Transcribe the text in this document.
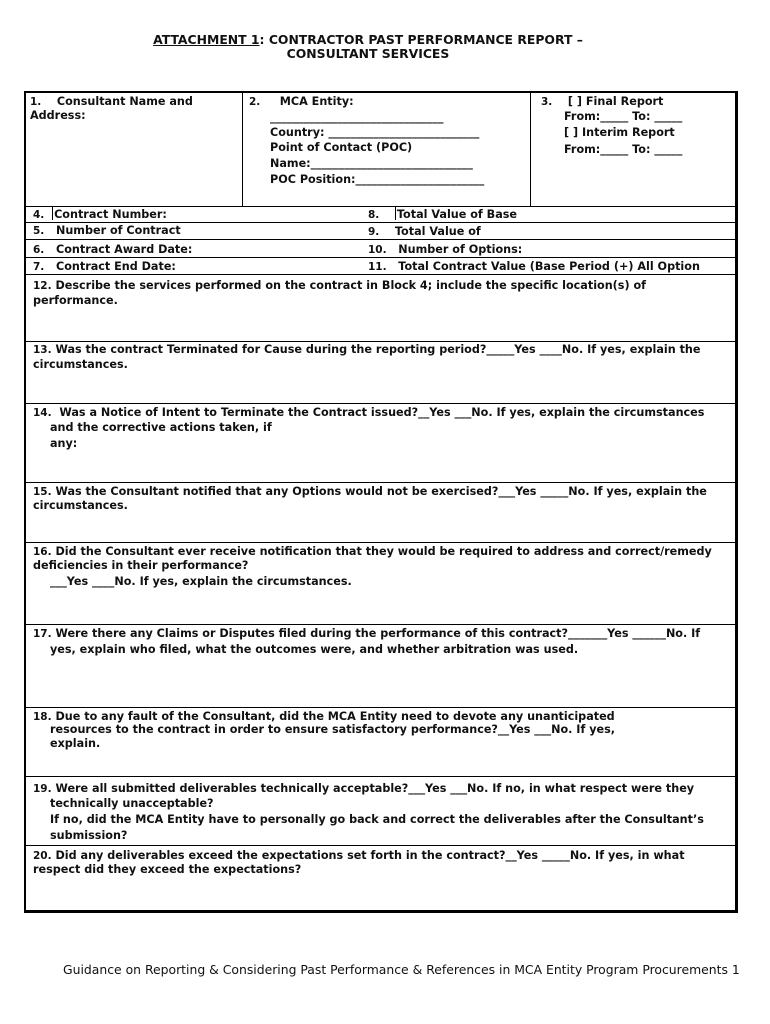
ATTACHMENT 1: CONTRACTOR PAST PERFORMANCE REPORT –
CONSULTANT SERVICES
1. Consultant Name and
Address:
2. MCA Entity:
_______________________________
Country: ___________________________
Point of Contact (POC)
Name:_____________________________
POC Position:_______________________
3. [ ] Final Report
From:_____ To: _____
[ ] Interim Report
From:_____ To: _____
4. Contract Number:	8. Total Value of Base
5. Number of Contract	9. Total Value of
6. Contract Award Date:	10. Number of Options:
7. Contract End Date:	11. Total Contract Value (Base Period (+) All Option
12. Describe the services performed on the contract in Block 4; include the specific location(s) of
performance.
13. Was the contract Terminated for Cause during the reporting period?_____Yes ____No. If yes, explain the
circumstances.
14. Was a Notice of Intent to Terminate the Contract issued?__Yes ___No. If yes, explain the circumstances
and the corrective actions taken, if
any:
15. Was the Consultant notified that any Options would not be exercised?___Yes _____No. If yes, explain the
circumstances.
16. Did the Consultant ever receive notification that they would be required to address and correct/remedy
deficiencies in their performance?
___Yes ____No. If yes, explain the circumstances.
17. Were there any Claims or Disputes filed during the performance of this contract?_______Yes ______No. If
yes, explain who filed, what the outcomes were, and whether arbitration was used.
18. Due to any fault of the Consultant, did the MCA Entity need to devote any unanticipated
resources to the contract in order to ensure satisfactory performance?__Yes ___No. If yes,
explain.
19. Were all submitted deliverables technically acceptable?___Yes ___No. If no, in what respect were they
technically unacceptable?
If no, did the MCA Entity have to personally go back and correct the deliverables after the Consultant’s
submission?
20. Did any deliverables exceed the expectations set forth in the contract?__Yes _____No. If yes, in what
respect did they exceed the expectations?
Guidance on Reporting & Considering Past Performance & References in MCA Entity Program Procurements 1
